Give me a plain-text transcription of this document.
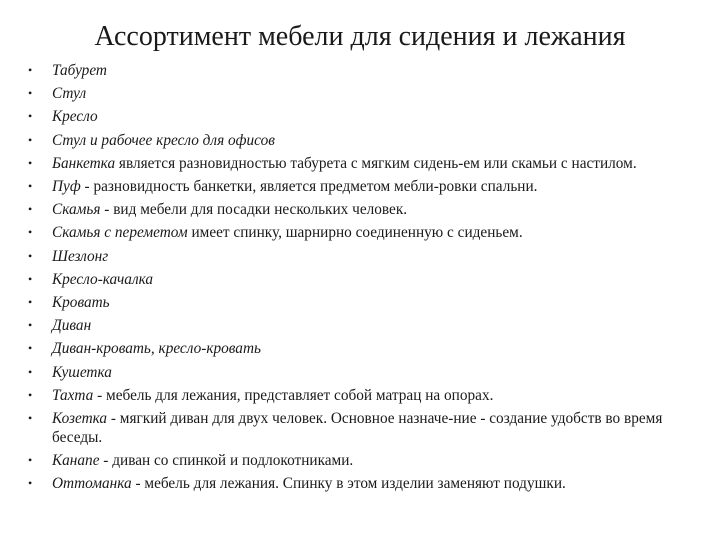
Ассортимент мебели для сидения и лежания
• Табурет
• Стул
• Кресло
• Стул и рабочее кресло для офисов
• Банкетка является разновидностью табурета с мягким сидень-ем или скамьи с настилом.
• Пуф - разновидность банкетки, является предметом мебли-ровки спальни.
• Скамья - вид мебели для посадки нескольких человек.
• Скамья с переметом имеет спинку, шарнирно соединенную с сиденьем.
• Шезлонг
• Кресло-качалка
• Кровать
• Диван
• Диван-кровать, кресло-кровать
• Кушетка
• Тахта - мебель для лежания, представляет собой матрац на опорах.
• Козетка - мягкий диван для двух человек. Основное назначе-ние - создание удобств во время беседы.
• Канапе - диван со спинкой и подлокотниками.
• Оттоманка - мебель для лежания. Спинку в этом изделии заменяют подушки.
